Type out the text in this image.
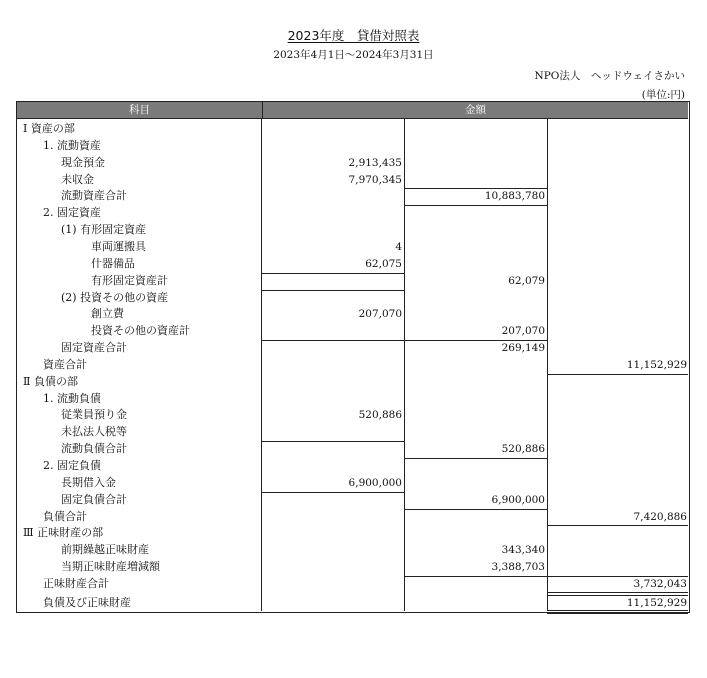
2023年度　貸借対照表
2023年4月1日～2024年3月31日
NPO法人　ヘッドウェイさかい
(単位:円)
科目	金額
Ⅰ 資産の部
1. 流動資産
現金預金	2,913,435
未収金	7,970,345
流動資産合計	10,883,780
2. 固定資産
(1) 有形固定資産
車両運搬具	4
什器備品	62,075
有形固定資産計	62,079
(2) 投資その他の資産
創立費	207,070
投資その他の資産計	207,070
固定資産合計	269,149
資産合計	11,152,929
Ⅱ 負債の部
1. 流動負債
従業員預り金	520,886
未払法人税等
流動負債合計	520,886
2. 固定負債
長期借入金	6,900,000
固定負債合計	6,900,000
負債合計	7,420,886
Ⅲ 正味財産の部
前期繰越正味財産	343,340
当期正味財産増減額	3,388,703
正味財産合計	3,732,043
負債及び正味財産	11,152,929
